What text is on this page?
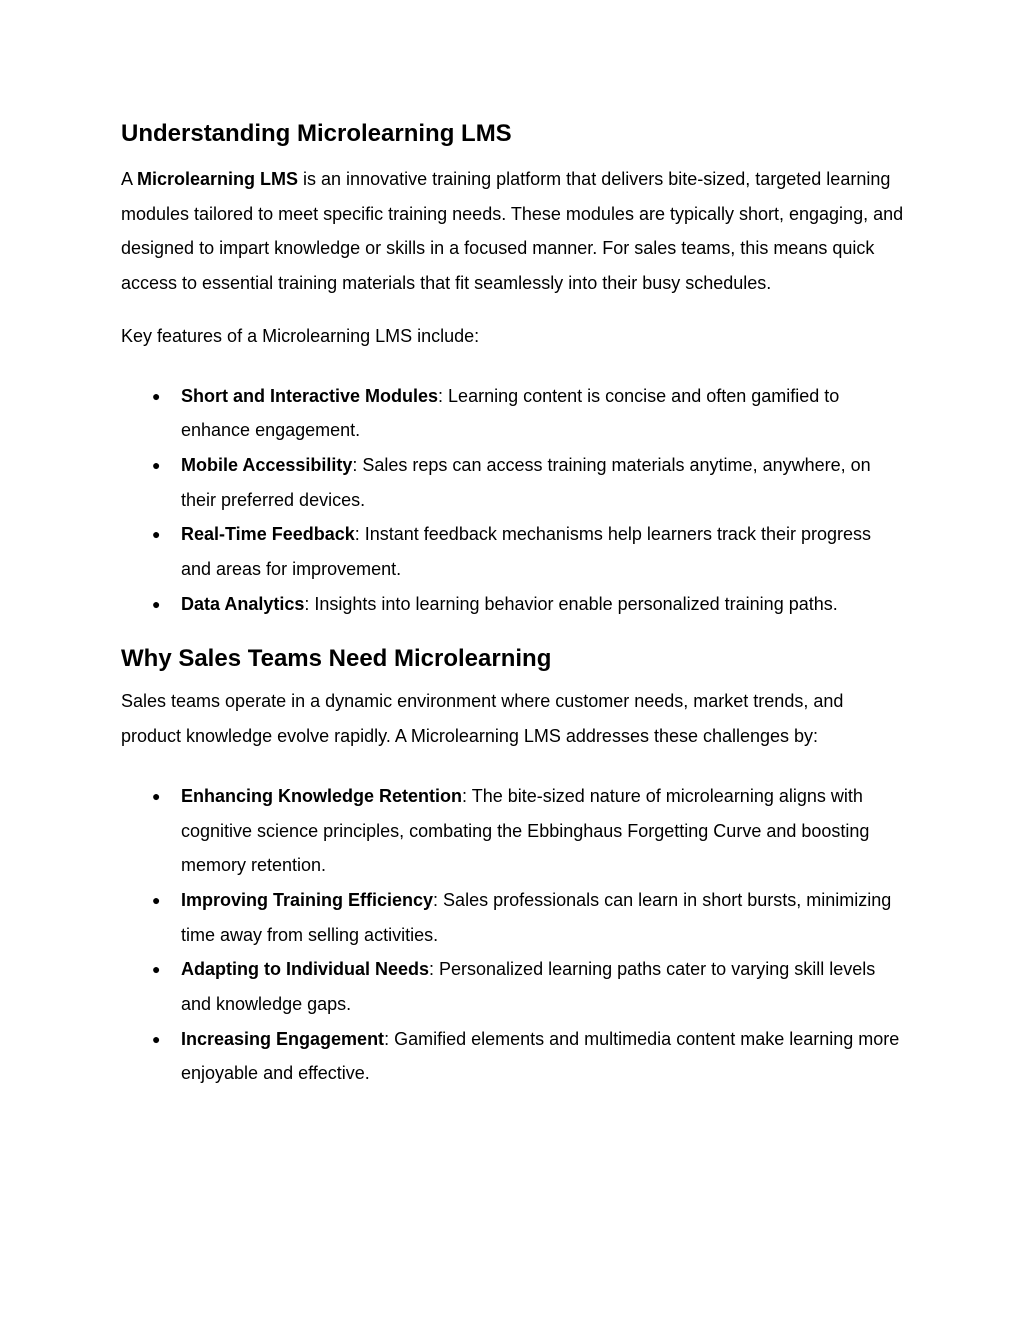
Understanding Microlearning LMS

A Microlearning LMS is an innovative training platform that delivers bite-sized, targeted learning modules tailored to meet specific training needs. These modules are typically short, engaging, and designed to impart knowledge or skills in a focused manner. For sales teams, this means quick access to essential training materials that fit seamlessly into their busy schedules.

Key features of a Microlearning LMS include:

● Short and Interactive Modules: Learning content is concise and often gamified to enhance engagement.
● Mobile Accessibility: Sales reps can access training materials anytime, anywhere, on their preferred devices.
● Real-Time Feedback: Instant feedback mechanisms help learners track their progress and areas for improvement.
● Data Analytics: Insights into learning behavior enable personalized training paths.
Why Sales Teams Need Microlearning

Sales teams operate in a dynamic environment where customer needs, market trends, and product knowledge evolve rapidly. A Microlearning LMS addresses these challenges by:

● Enhancing Knowledge Retention: The bite-sized nature of microlearning aligns with cognitive science principles, combating the Ebbinghaus Forgetting Curve and boosting memory retention.
● Improving Training Efficiency: Sales professionals can learn in short bursts, minimizing time away from selling activities.
● Adapting to Individual Needs: Personalized learning paths cater to varying skill levels and knowledge gaps.
● Increasing Engagement: Gamified elements and multimedia content make learning more enjoyable and effective.
